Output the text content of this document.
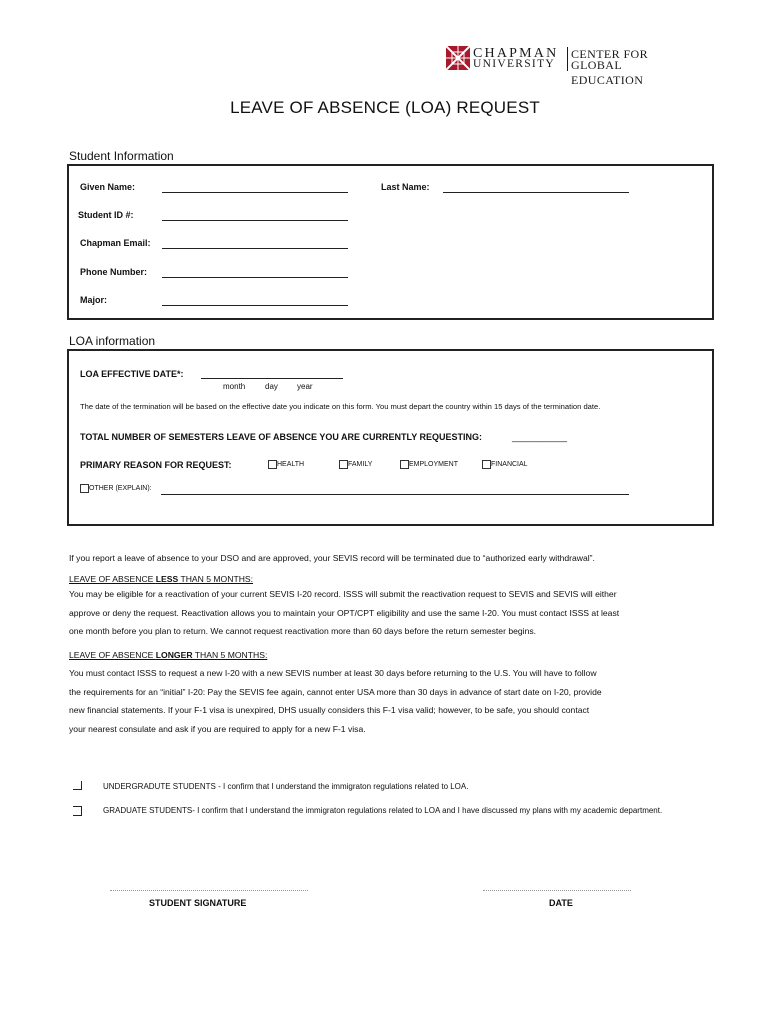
CHAPMAN
UNIVERSITY
CENTER FOR
GLOBAL EDUCATION
LEAVE OF ABSENCE (LOA) REQUEST
Student Information
Given Name:	Last Name:
Student ID #:
Chapman Email:
Phone Number:
Major:
LOA information
LOA EFFECTIVE DATE*:
month day year
The date of the termination will be based on the effective date you indicate on this form. You must depart the country within 15 days of the termination date.
TOTAL NUMBER OF SEMESTERS LEAVE OF ABSENCE YOU ARE CURRENTLY REQUESTING:	___________
PRIMARY REASON FOR REQUEST:	HEALTH	FAMILY	EMPLOYMENT	FINANCIAL
OTHER (EXPLAIN):
If you report a leave of absence to your DSO and are approved, your SEVIS record will be terminated due to “authorized early withdrawal”.
LEAVE OF ABSENCE LESS THAN 5 MONTHS:
You may be eligible for a reactivation of your current SEVIS I-20 record. ISSS will submit the reactivation request to SEVIS and SEVIS will either
approve or deny the request. Reactivation allows you to maintain your OPT/CPT eligibility and use the same I-20. You must contact ISSS at least
one month before you plan to return. We cannot request reactivation more than 60 days before the return semester begins.
LEAVE OF ABSENCE LONGER THAN 5 MONTHS:
You must contact ISSS to request a new I-20 with a new SEVIS number at least 30 days before returning to the U.S. You will have to follow
the requirements for an “initial” I-20: Pay the SEVIS fee again, cannot enter USA more than 30 days in advance of start date on I-20, provide
new financial statements. If your F-1 visa is unexpired, DHS usually considers this F-1 visa valid; however, to be safe, you should contact
your nearest consulate and ask if you are required to apply for a new F-1 visa.
UNDERGRADUTE STUDENTS - I confirm that I understand the immigraton regulations related to LOA.
GRADUATE STUDENTS- I confirm that I understand the immigraton regulations related to LOA and I have discussed my plans with my academic department.
STUDENT SIGNATURE	DATE
